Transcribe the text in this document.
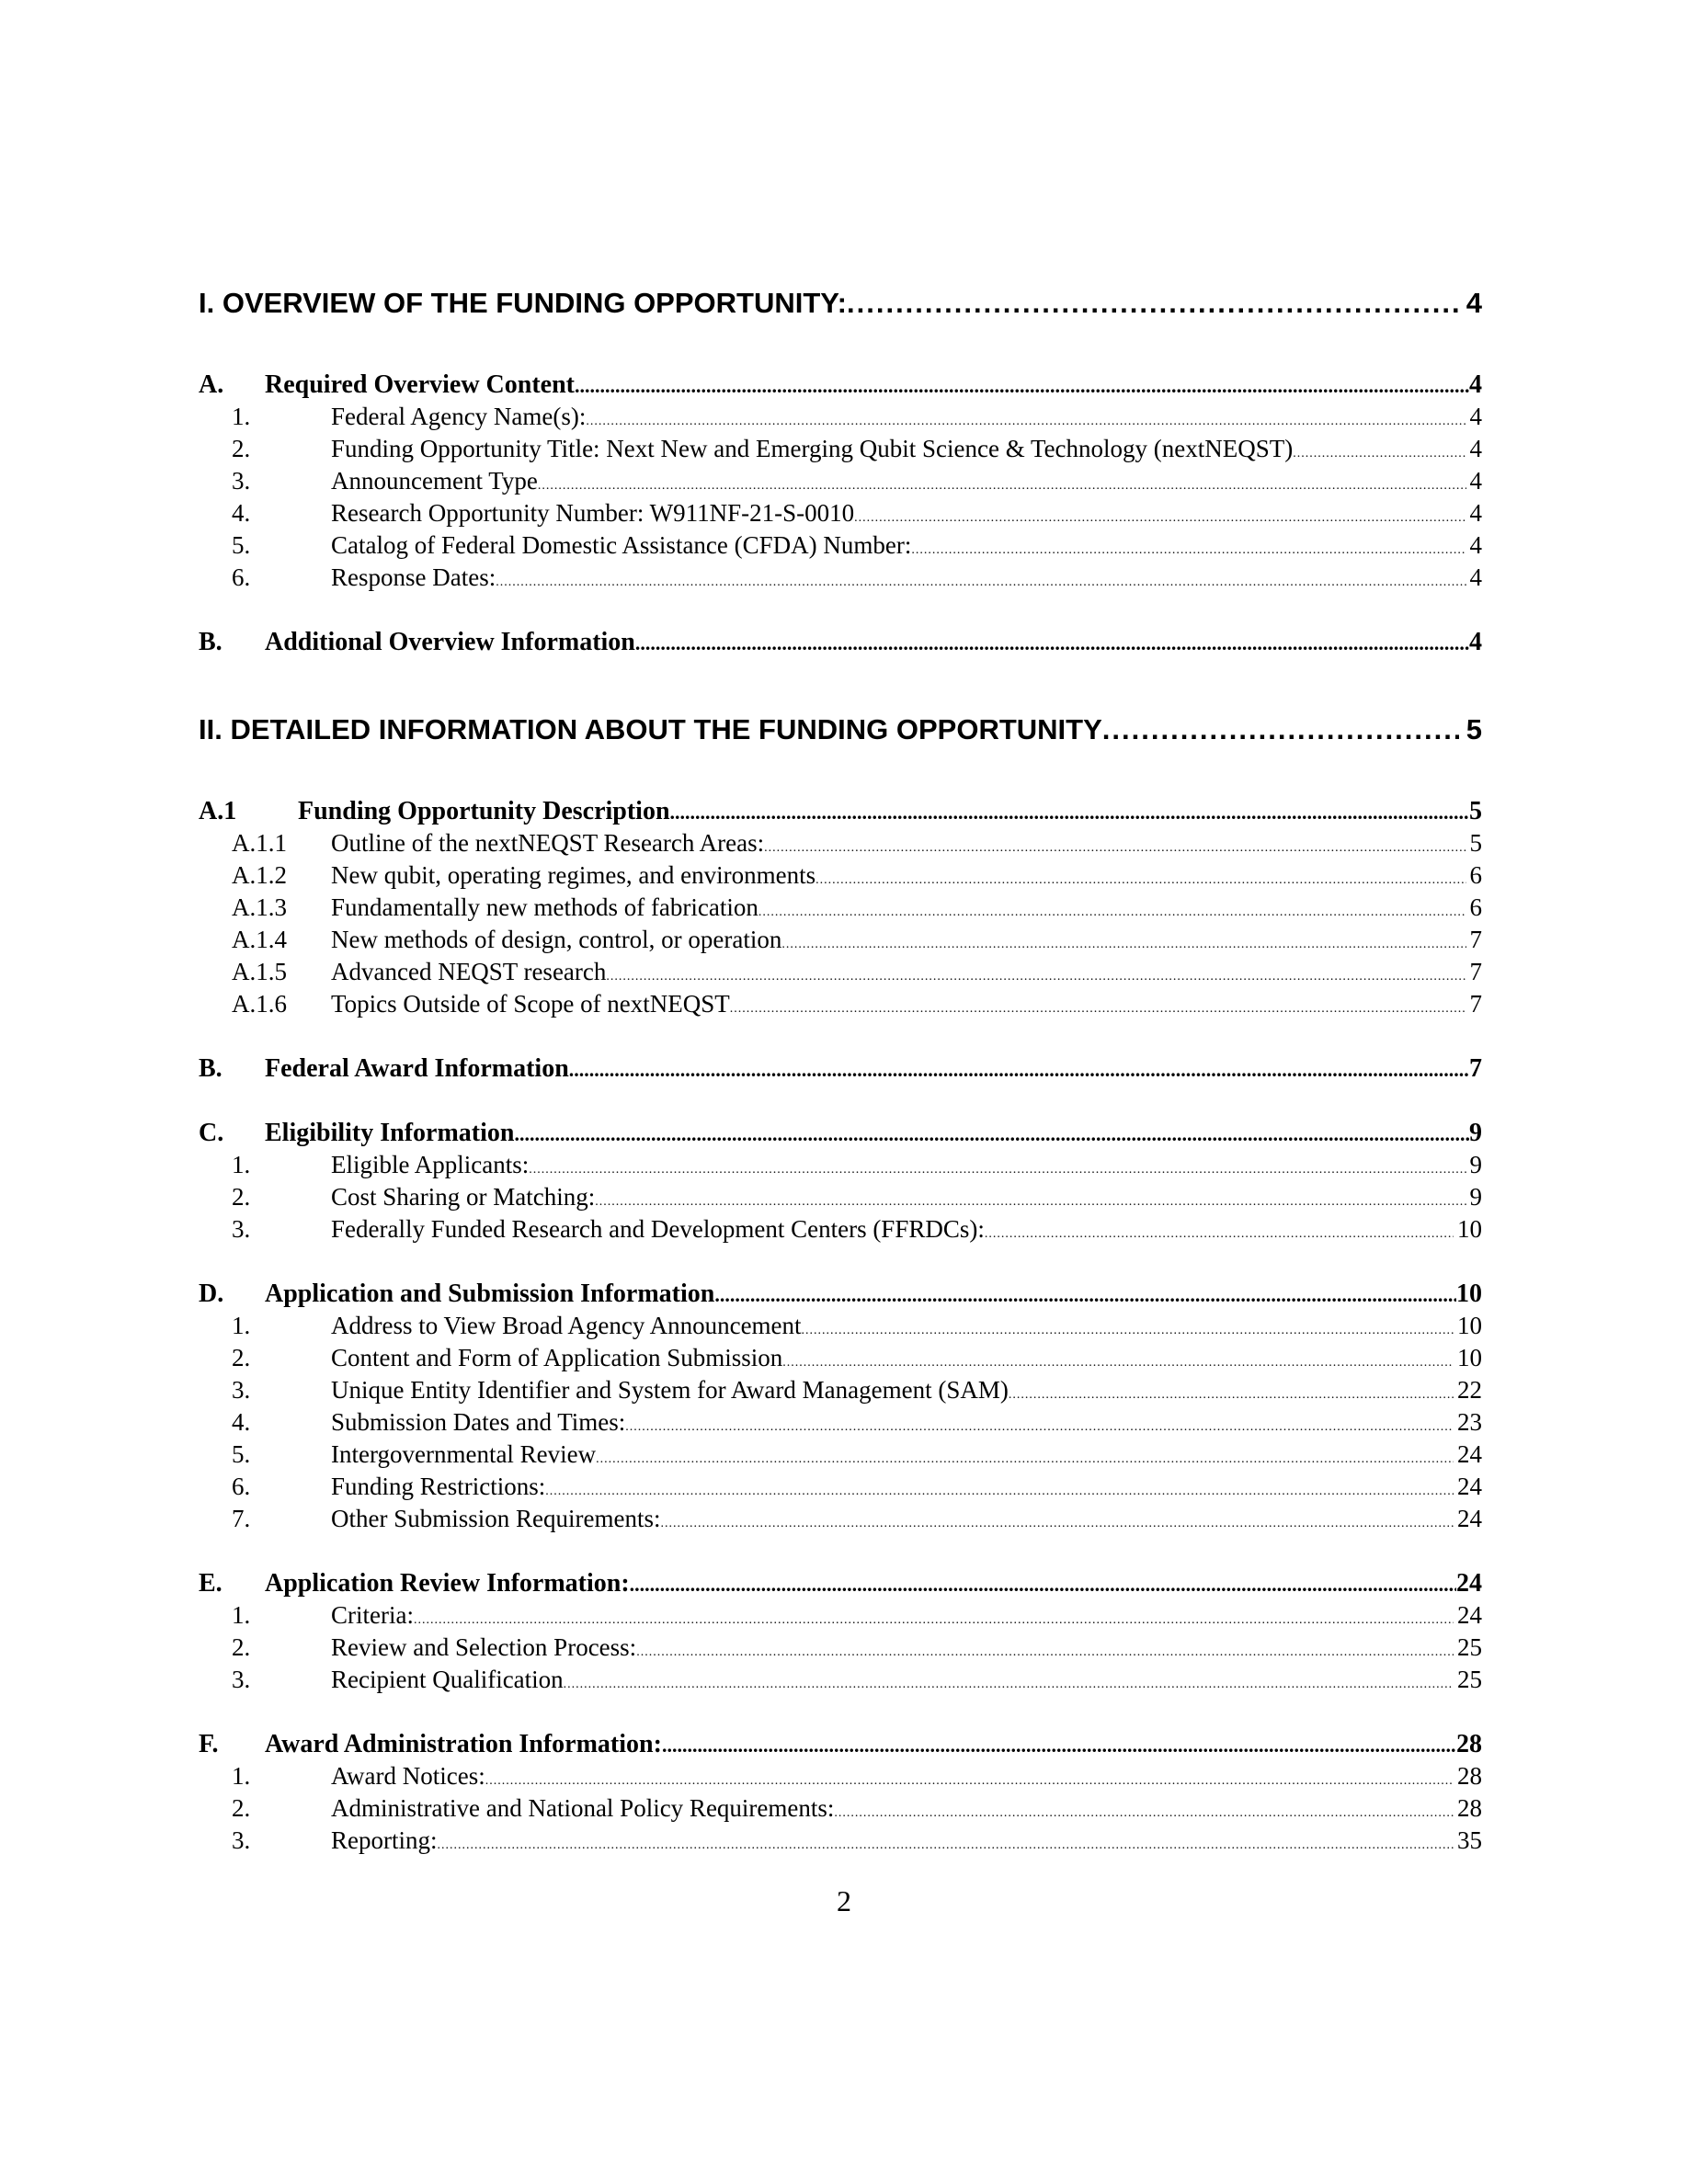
I. OVERVIEW OF THE FUNDING OPPORTUNITY: .....	4
A.	Required Overview Content .....	4
1.	Federal Agency Name(s): .....	4
2.	Funding Opportunity Title: Next New and Emerging Qubit Science & Technology (nextNEQST) .....	4
3.	Announcement Type .....	4
4.	Research Opportunity Number: W911NF-21-S-0010 .....	4
5.	Catalog of Federal Domestic Assistance (CFDA) Number: .....	4
6.	Response Dates: .....	4
B.	Additional Overview Information .....	4
II. DETAILED INFORMATION ABOUT THE FUNDING OPPORTUNITY .....	5
A.1	Funding Opportunity Description .....	5
A.1.1	Outline of the nextNEQST Research Areas: .....	5
A.1.2	New qubit, operating regimes, and environments .....	6
A.1.3	Fundamentally new methods of fabrication .....	6
A.1.4	New methods of design, control, or operation .....	7
A.1.5	Advanced NEQST research .....	7
A.1.6	Topics Outside of Scope of nextNEQST .....	7
B.	Federal Award Information .....	7
C.	Eligibility Information .....	9
1.	Eligible Applicants: .....	9
2.	Cost Sharing or Matching: .....	9
3.	Federally Funded Research and Development Centers (FFRDCs): .....	10
D.	Application and Submission Information .....	10
1.	Address to View Broad Agency Announcement .....	10
2.	Content and Form of Application Submission .....	10
3.	Unique Entity Identifier and System for Award Management (SAM) .....	22
4.	Submission Dates and Times: .....	23
5.	Intergovernmental Review .....	24
6.	Funding Restrictions: .....	24
7.	Other Submission Requirements: .....	24
E.	Application Review Information: .....	24
1.	Criteria: .....	24
2.	Review and Selection Process: .....	25
3.	Recipient Qualification .....	25
F.	Award Administration Information: .....	28
1.	Award Notices: .....	28
2.	Administrative and National Policy Requirements: .....	28
3.	Reporting: .....	35
2
